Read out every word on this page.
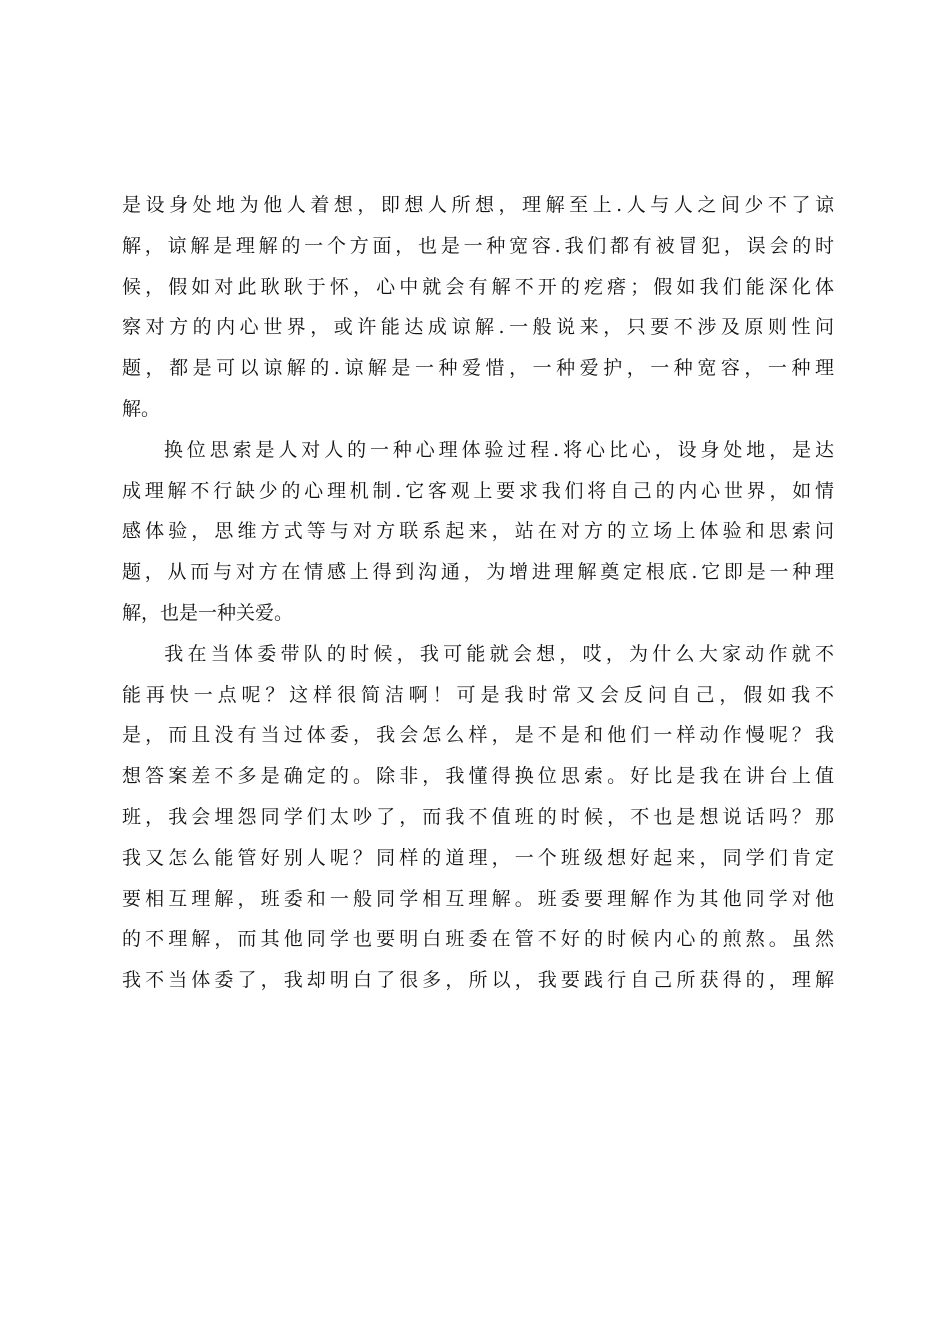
是设身处地为他人着想，即想人所想，理解至上.人与人之间少不了谅
解，谅解是理解的一个方面，也是一种宽容.我们都有被冒犯，误会的时
候，假如对此耿耿于怀，心中就会有解不开的疙瘩；假如我们能深化体
察对方的内心世界，或许能达成谅解.一般说来，只要不涉及原则性问
题，都是可以谅解的.谅解是一种爱惜，一种爱护，一种宽容，一种理
解。
换位思索是人对人的一种心理体验过程.将心比心，设身处地，是达
成理解不行缺少的心理机制.它客观上要求我们将自己的内心世界，如情
感体验，思维方式等与对方联系起来，站在对方的立场上体验和思索问
题，从而与对方在情感上得到沟通，为增进理解奠定根底.它即是一种理
解，也是一种关爱。
我在当体委带队的时候，我可能就会想，哎，为什么大家动作就不
能再快一点呢？这样很简洁啊！可是我时常又会反问自己，假如我不
是，而且没有当过体委，我会怎么样，是不是和他们一样动作慢呢？我
想答案差不多是确定的。除非，我懂得换位思索。好比是我在讲台上值
班，我会埋怨同学们太吵了，而我不值班的时候，不也是想说话吗？那
我又怎么能管好别人呢？同样的道理，一个班级想好起来，同学们肯定
要相互理解，班委和一般同学相互理解。班委要理解作为其他同学对他
的不理解，而其他同学也要明白班委在管不好的时候内心的煎熬。虽然
我不当体委了，我却明白了很多，所以，我要践行自己所获得的，理解
